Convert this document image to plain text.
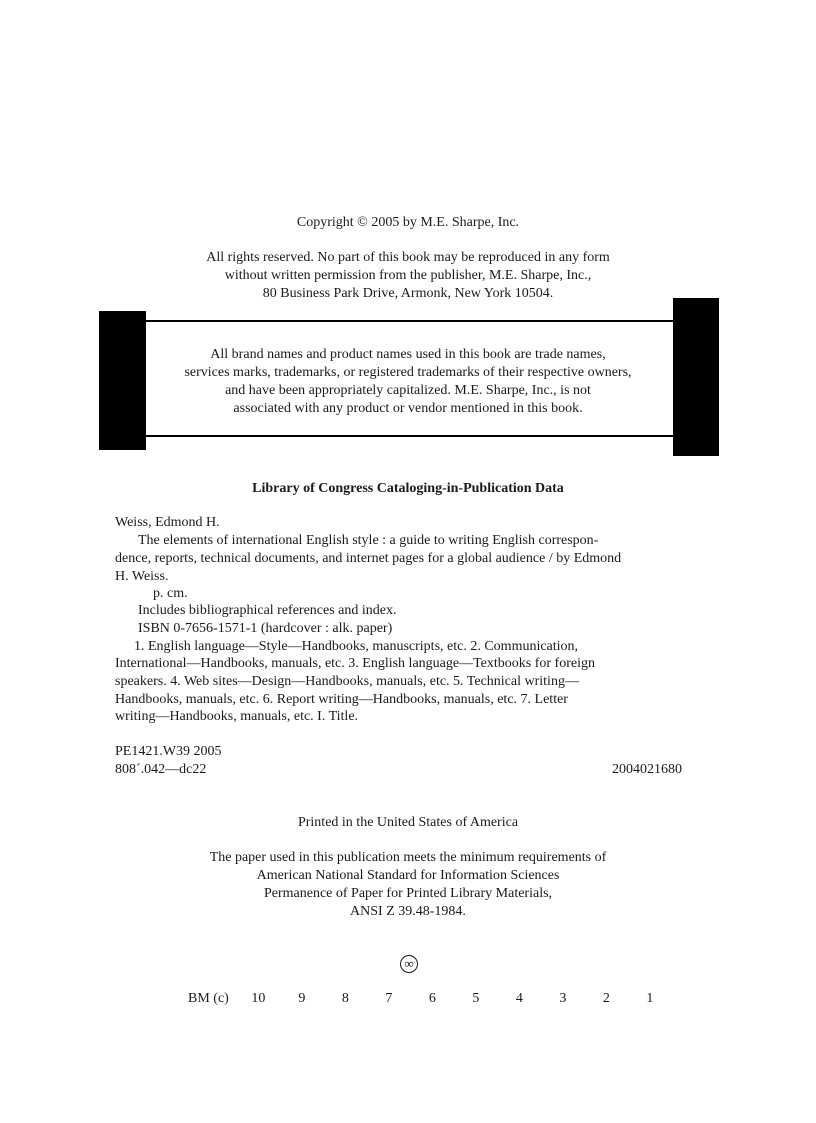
Copyright © 2005 by M.E. Sharpe, Inc.
All rights reserved. No part of this book may be reproduced in any form
without written permission from the publisher, M.E. Sharpe, Inc.,
80 Business Park Drive, Armonk, New York 10504.
All brand names and product names used in this book are trade names,
services marks, trademarks, or registered trademarks of their respective owners,
and have been appropriately capitalized. M.E. Sharpe, Inc., is not
associated with any product or vendor mentioned in this book.
Library of Congress Cataloging-in-Publication Data
Weiss, Edmond H.
The elements of international English style : a guide to writing English correspon-
dence, reports, technical documents, and internet pages for a global audience / by Edmond
H. Weiss.
p. cm.
Includes bibliographical references and index.
ISBN 0-7656-1571-1 (hardcover : alk. paper)
1. English language—Style—Handbooks, manuscripts, etc. 2. Communication,
International—Handbooks, manuals, etc. 3. English language—Textbooks for foreign
speakers. 4. Web sites—Design—Handbooks, manuals, etc. 5. Technical writing—
Handbooks, manuals, etc. 6. Report writing—Handbooks, manuals, etc. 7. Letter
writing—Handbooks, manuals, etc. I. Title.
PE1421.W39 2005
808´.042—dc22	2004021680
Printed in the United States of America
The paper used in this publication meets the minimum requirements of
American National Standard for Information Sciences
Permanence of Paper for Printed Library Materials,
ANSI Z 39.48-1984.
∞
BM (c) 10 9	8	7	6	5	4	3	2	1
